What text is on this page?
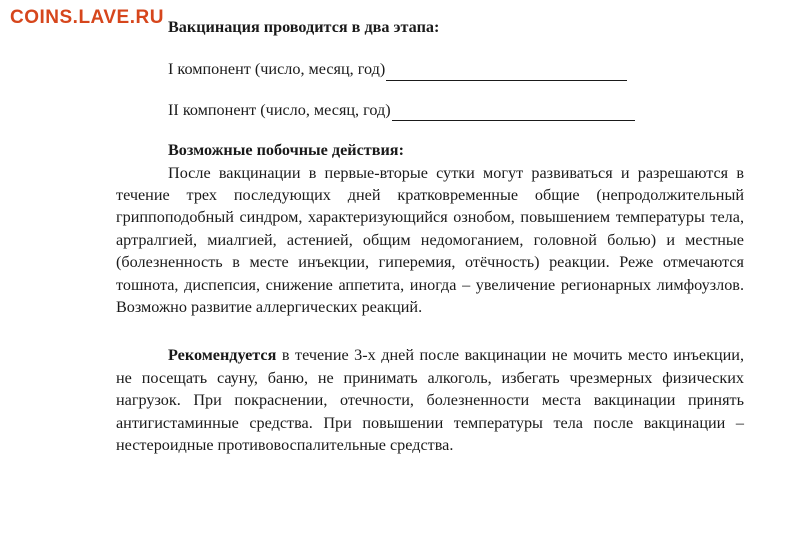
COINS.LAVE.RU Вакцинация проводится в два этапа:
I компонент (число, месяц, год)
II компонент (число, месяц, год)
Возможные побочные действия:

После вакцинации в первые-вторые сутки могут развиваться и разрешаются в течение трех последующих дней кратковременные общие (непродолжительный гриппоподобный синдром, характеризующийся ознобом, повышением температуры тела, артралгией, миалгией, астенией, общим недомоганием, головной болью) и местные (болезненность в месте инъекции, гиперемия, отёчность) реакции. Реже отмечаются тошнота, диспепсия, снижение аппетита, иногда – увеличение регионарных лимфоузлов. Возможно развитие аллергических реакций.

Рекомендуется в течение 3-х дней после вакцинации не мочить место инъекции, не посещать сауну, баню, не принимать алкоголь, избегать чрезмерных физических нагрузок. При покраснении, отечности, болезненности места вакцинации принять антигистаминные средства. При повышении температуры тела после вакцинации – нестероидные противовоспалительные средства.
